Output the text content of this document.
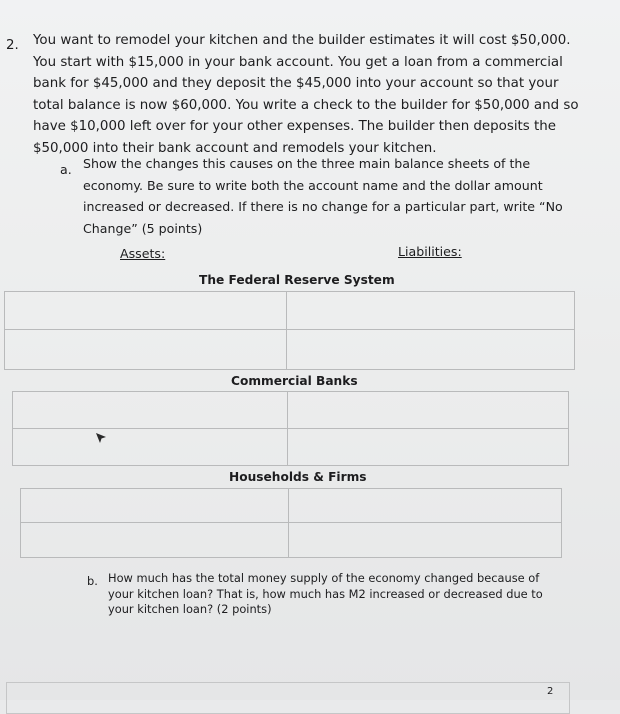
2. You want to remodel your kitchen and the builder estimates it will cost $50,000. You start with $15,000 in your bank account. You get a loan from a commercial bank for $45,000 and they deposit the $45,000 into your account so that your total balance is now $60,000. You write a check to the builder for $50,000 and so have $10,000 left over for your other expenses. The builder then deposits the $50,000 into their bank account and remodels your kitchen.

a. Show the changes this causes on the three main balance sheets of the economy. Be sure to write both the account name and the dollar amount increased or decreased. If there is no change for a particular part, write “No Change” (5 points)

Assets:	Liabilities:
The Federal Reserve System
Commercial Banks
Households & Firms
b. How much has the total money supply of the economy changed because of your kitchen loan? That is, how much has M2 increased or decreased due to your kitchen loan? (2 points)

2
